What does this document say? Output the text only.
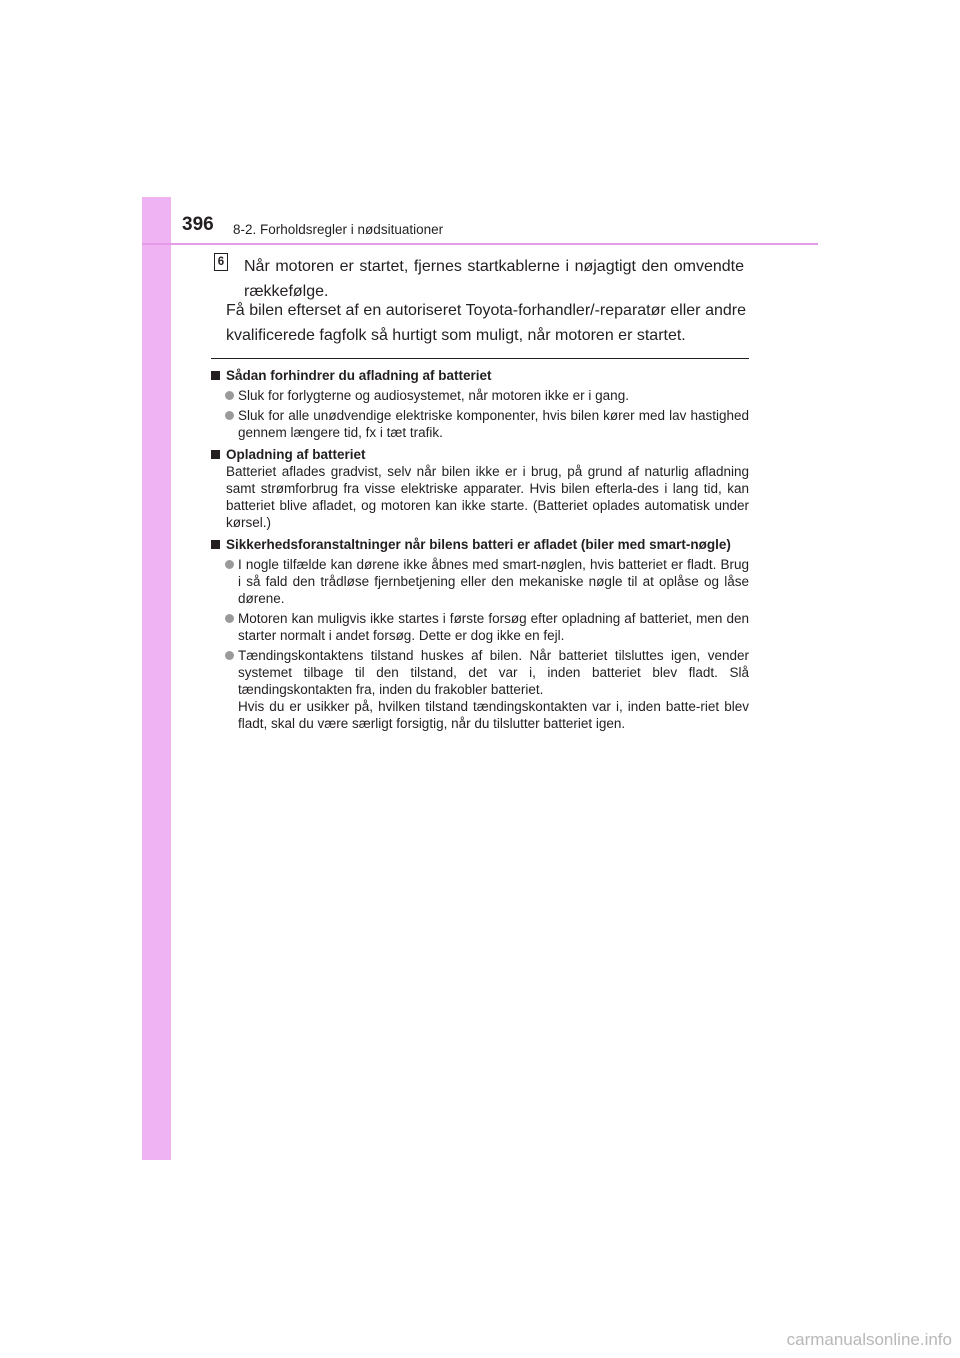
396 8-2. Forholdsregler i nødsituationer
6 Når motoren er startet, fjernes startkablerne i nøjagtigt den omvendte rækkefølge.
Få bilen efterset af en autoriseret Toyota-forhandler/-reparatør eller andre kvalificerede fagfolk så hurtigt som muligt, når motoren er startet.
Sådan forhindrer du afladning af batteriet

Sluk for forlygterne og audiosystemet, når motoren ikke er i gang.

Sluk for alle unødvendige elektriske komponenter, hvis bilen kører med lav hastighed gennem længere tid, fx i tæt trafik.

Opladning af batteriet
Batteriet aflades gradvist, selv når bilen ikke er i brug, på grund af naturlig afladning samt strømforbrug fra visse elektriske apparater. Hvis bilen efterla-des i lang tid, kan batteriet blive afladet, og motoren kan ikke starte. (Batteriet oplades automatisk under kørsel.)
Sikkerhedsforanstaltninger når bilens batteri er afladet (biler med smart-nøgle)

I nogle tilfælde kan dørene ikke åbnes med smart-nøglen, hvis batteriet er fladt. Brug i så fald den trådløse fjernbetjening eller den mekaniske nøgle til at oplåse og låse dørene.

Motoren kan muligvis ikke startes i første forsøg efter opladning af batteriet, men den starter normalt i andet forsøg. Dette er dog ikke en fejl.

Tændingskontaktens tilstand huskes af bilen. Når batteriet tilsluttes igen, vender systemet tilbage til den tilstand, det var i, inden batteriet blev fladt. Slå tændingskontakten fra, inden du frakobler batteriet.

Hvis du er usikker på, hvilken tilstand tændingskontakten var i, inden batte-riet blev fladt, skal du være særligt forsigtig, når du tilslutter batteriet igen.

carmanualsonline.info
